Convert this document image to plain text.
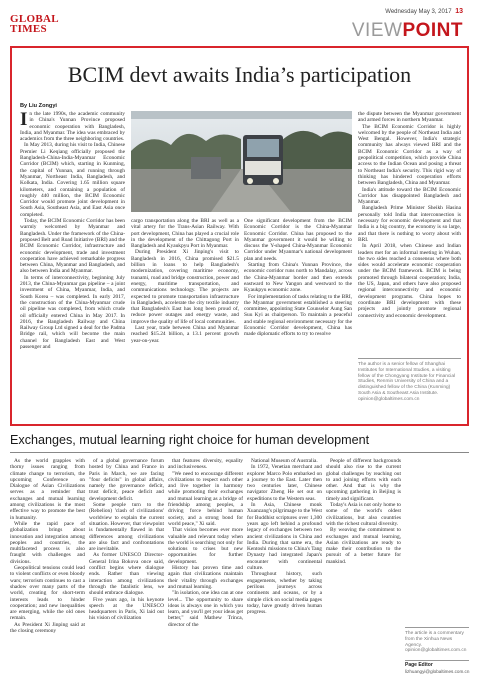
GLOBAL
TIMES
Wednesday May 3, 2017 13
VIEWPOINT
BCIM devt awaits India’s participation
By Liu Zongyi

In the late 1990s, the academic community in China's Yunnan Province proposed economic cooperation with Bangladesh, India, and Myanmar. The idea was embraced by academics from the three neighboring countries.

In May 2013, during his visit to India, Chinese Premier Li Keqiang officially proposed the Bangladesh-China-India-Myanmar Economic Corridor (BCIM) which, starting in Kunming, the capital of Yunnan, and running through Myanmar, Northeast India, Bangladesh, and Kolkata, India. Covering 1.65 million square kilometers, and containing a population of roughly 440 million, the BCIM Economic Corridor would promote joint development in South Asia, Southeast Asia, and East Asia once completed.

Today, the BCIM Economic Corridor has been warmly welcomed by Myanmar and Bangladesh. Under the framework of the China-proposed Belt and Road Initiative (BRI) and the BCIM Economic Corridor, infrastructure and economic development, trade and investment cooperation have achieved remarkable progress between China, Myanmar and Bangladesh, and also between India and Myanmar.

In terms of interconnectivity, beginning July 2013, the China-Myanmar gas pipeline – a joint investment of China, Myanmar, India, and South Korea – was completed. In early 2017, the construction of the China-Myanmar crude oil pipeline was completed, from which crude oil officially entered China in May 2017. In 2016, the Bangladesh Railway and China Railway Group Ltd signed a deal for the Padma Bridge rail, which will become the main channel for Bangladesh East and West passenger and

cargo transportation along the BRI as well as a vital artery for the Trans-Asian Railway. With port development, China has played a crucial role in the development of the Chittagong Port in Bangladesh and Kyaukpyu Port in Myanmar.

During President Xi Jinping's visit to Bangladesh in 2016, China promised $21.5 billion in loans to help Bangladesh's modernization, covering maritime economy, tsunami, road and bridge construction, power and energy, maritime transportation, and communications technology. The projects are expected to promote transportation infrastructure in Bangladesh, accelerate the city textile industry that Bangladesh's East has long been proud of, reduce power outages and energy waste, and improve the quality of life of local communities.

Last year, trade between China and Myanmar reached $15.24 billion, a 13.1 percent growth year-on-year.

One significant development from the BCIM Economic Corridor is the China-Myanmar Economic Corridor. China has proposed to the Myanmar government it would be willing to discuss the Y-shaped China-Myanmar Economic Corridor under Myanmar's national development plan and needs.

Starting from China's Yunnan Province, the economic corridor runs north to Mandalay, across the China-Myanmar border and then extends eastward to New Yangon and westward to the Kyaukpyu economic zone.

For implementation of tasks relating to the BRI, the Myanmar government established a steering committee, appointing State Counselor Aung San Suu Kyi as chairperson. To maintain a peaceful and stable regional environment necessary for the Economic Corridor development, China has made diplomatic efforts to try to resolve

the dispute between the Myanmar government and armed forces in northern Myanmar.

The BCIM Economic Corridor is highly welcomed by the people of Northeast India and West Bengal. However, India's strategic community has always viewed BRI and the BCIM Economic Corridor as a way of geopolitical competition, which provide China access to the Indian Ocean and posing a threat to Northeast India's security. This rigid way of thinking has hindered cooperation efforts between Bangladesh, China and Myanmar.

India's attitude toward the BCIM Economic Corridor has disappointed Bangladesh and Myanmar.

Bangladesh Prime Minister Sheikh Hasina personally told India that interconnection is necessary for economic development and that India is a big country, the economy is so large, and that there is nothing to worry about with BRI.

In April 2018, when Chinese and Indian leaders met for an informal meeting in Wuhan, the two sides reached a consensus where both sides would accelerate economic cooperation under the BCIM framework. BCIM is being promoted through bilateral cooperation; India, the US, Japan, and others have also proposed regional interconnectivity and economic development programs. China hopes to coordinate BRI development with these projects and jointly promote regional connectivity and economic development.

The author is a senior fellow of Shanghai Institutes for International Studies, a visiting fellow of the Chongyang Institute for Financial Studies, Renmin University of China and a distinguished fellow of the China (Kunming) South Asia & Southeast Asia Institute. opinion@globaltimes.com.cn
Exchanges, mutual learning right choice for human development

As the world grapples with thorny issues ranging from climate change to terrorism, the upcoming Conference on Dialogue of Asian Civilizations serves as a reminder that exchanges and mutual learning among civilizations is the most effective way to promote the best in humanity.

While the rapid pace of globalization brings about innovation and integration among peoples and countries, the multifaceted process is also fraught with challenges and divisions.

Geopolitical tensions could lead to violent conflicts or even bloody wars; terrorism continues to cast a shadow over many parts of the world, creating for short-term interests leads to hinder cooperation; and new inequalities are emerging, while the old ones remain.

As President Xi Jinping said at the closing ceremony

of a global governance forum hosted by China and France in Paris in March, we are facing "four deficits" in global affairs, namely the governance deficit, trust deficit, peace deficit and development deficit.

Some people turn to the (Rebelion) 'clash of civilizations' worldview to explain the current situation. However, that viewpoint is fundamentally flawed in that differences among civilizations are also fact and confrontations are inevitable.

As former UNESCO Director-General Irina Bokova once said, conflict begins where dialogue ends. Rather than viewing interaction among civilizations through the fatalistic lens, we should embrace dialogue.

Five years ago, in his keynote speech at the UNESCO headquarters in Paris, Xi laid out his vision of civilization

that features diversity, equality and inclusiveness.

"We need to encourage different civilizations to respect each other and live together in harmony while promoting their exchanges and mutual learning as a bridge of friendship among peoples, a driving force behind human society, and a strong bond for world peace," Xi said.

That vision becomes ever more valuable and relevant today when the world is searching not only for solutions to crises but new opportunities for further development.

History has proven time and again that civilizations maintain their vitality through exchanges and mutual learning.

"In isolation, one idea can at one level... The opportunity to share ideas is always one in which you learn, and you'll get your ideas get better," said Mathew Trinca, director of the

National Museum of Australia.

In 1972, Venetian merchant and explorer Marco Polo embarked on a journey to the East. Later then two centuries later, Chinese navigator Zheng He set out on expeditions to the Western seas.

In Asia, Chinese monk Xuanzang's pilgrimage to the West for Buddhist scriptures over 1,300 years ago left behind a profound legacy of exchanges between two ancient civilizations in China and India. During that same era, the Kentoshi missions to China's Tang Dynasty had integrated Japan's encounter with continental culture.

Throughout history, such engagements, whether by taking perilous journeys across continents and oceans, or by a simple click on social media pages today, have greatly driven human progress.

People of different backgrounds should also rise to the current global challenges by reaching out to and joining efforts with each other. And that is why the upcoming gathering in Beijing is timely and significant.

Today's Asia is not only home to some of the world's oldest civilizations, but also countries with the richest cultural diversity.

By weaving the commitment to exchanges and mutual learning, Asian civilizations are ready to make their contribution to the pursuit of a better future for mankind.

The article is a commentary from the Xinhua News Agency. opinion@globaltimes.com.cn
Page Editor
lizhuangyi@globaltimes.com.cn
